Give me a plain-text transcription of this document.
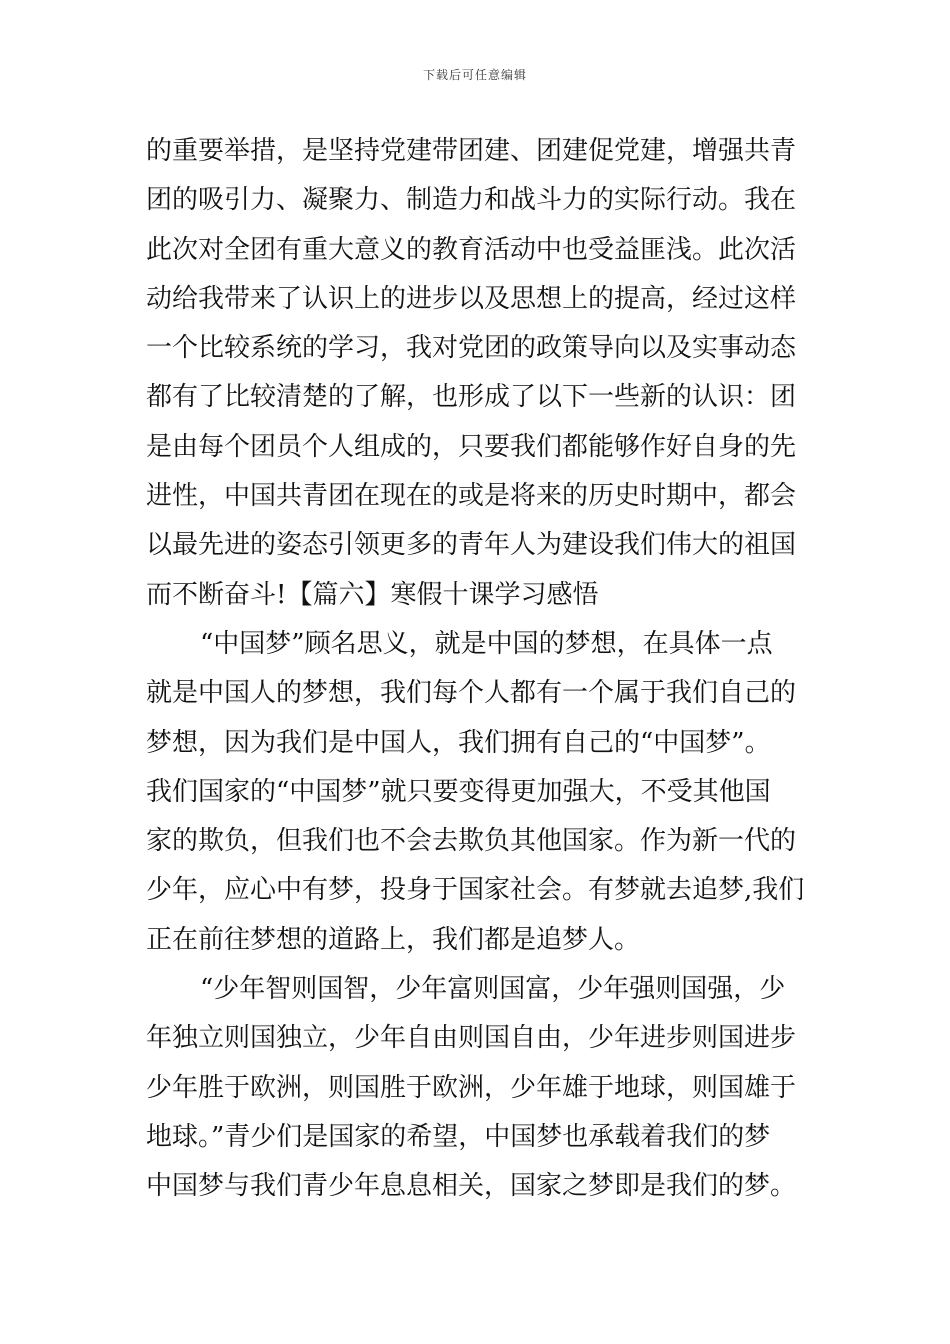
下载后可任意编辑
的重要举措，是坚持党建带团建、团建促党建，增强共青
团的吸引力、凝聚力、制造力和战斗力的实际行动。我在
此次对全团有重大意义的教育活动中也受益匪浅。此次活
动给我带来了认识上的进步以及思想上的提高，经过这样
一个比较系统的学习，我对党团的政策导向以及实事动态
都有了比较清楚的了解，也形成了以下一些新的认识：团
是由每个团员个人组成的，只要我们都能够作好自身的先
进性，中国共青团在现在的或是将来的历史时期中，都会
以最先进的姿态引领更多的青年人为建设我们伟大的祖国
而不断奋斗!【篇六】寒假十课学习感悟
“中国梦”顾名思义，就是中国的梦想，在具体一点
就是中国人的梦想，我们每个人都有一个属于我们自己的
梦想，因为我们是中国人，我们拥有自己的“中国梦”。
我们国家的“中国梦”就只要变得更加强大，不受其他国
家的欺负，但我们也不会去欺负其他国家。作为新一代的
少年，应心中有梦，投身于国家社会。有梦就去追梦,我们
正在前往梦想的道路上，我们都是追梦人。
“少年智则国智，少年富则国富，少年强则国强，少
年独立则国独立，少年自由则国自由，少年进步则国进步
少年胜于欧洲，则国胜于欧洲，少年雄于地球，则国雄于
地球。”青少们是国家的希望，中国梦也承载着我们的梦
中国梦与我们青少年息息相关，国家之梦即是我们的梦。
